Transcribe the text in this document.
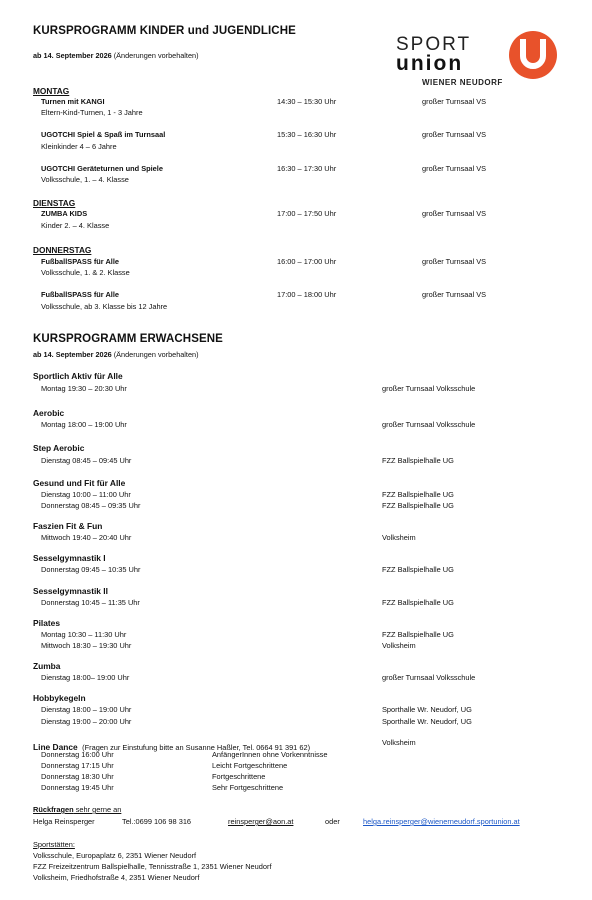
SPORT
union
WIENER NEUDORF
KURSPROGRAMM KINDER und JUGENDLICHE
ab 14. September 2026 (Änderungen vorbehalten)
MONTAG
Turnen mit KANGI
Eltern-Kind-Turnen, 1 - 3 Jahre
14:30 – 15:30 Uhr	großer Turnsaal VS
UGOTCHI Spiel & Spaß im Turnsaal
Kleinkinder 4 – 6 Jahre
15:30 – 16:30 Uhr	großer Turnsaal VS
UGOTCHI Geräteturnen und Spiele
Volksschule, 1. – 4. Klasse
16:30 – 17:30 Uhr	großer Turnsaal VS
DIENSTAG
ZUMBA KIDS
Kinder 2. – 4. Klasse
17:00 – 17:50 Uhr	großer Turnsaal VS
DONNERSTAG
FußballSPASS für Alle
Volksschule, 1. & 2. Klasse
16:00 – 17:00 Uhr	großer Turnsaal VS
FußballSPASS für Alle
Volksschule, ab 3. Klasse bis 12 Jahre
17:00 – 18:00 Uhr	großer Turnsaal VS
KURSPROGRAMM ERWACHSENE
ab 14. September 2026 (Änderungen vorbehalten)
Sportlich Aktiv für Alle
Montag 19:30 – 20:30 Uhr	großer Turnsaal Volksschule
Aerobic
Montag 18:00 – 19:00 Uhr	großer Turnsaal Volksschule
Step Aerobic
Dienstag 08:45 – 09:45 Uhr	FZZ Ballspielhalle UG
Gesund und Fit für Alle
Dienstag 10:00 – 11:00 Uhr	FZZ Ballspielhalle UG
Donnerstag 08:45 – 09:35 Uhr	FZZ Ballspielhalle UG
Faszien Fit & Fun
Mittwoch 19:40 – 20:40 Uhr	Volksheim
Sesselgymnastik I
Donnerstag 09:45 – 10:35 Uhr	FZZ Ballspielhalle UG
Sesselgymnastik II
Donnerstag 10:45 – 11:35 Uhr	FZZ Ballspielhalle UG
Pilates
Montag 10:30 – 11:30 Uhr	FZZ Ballspielhalle UG
Mittwoch 18:30 – 19:30 Uhr	Volksheim
Zumba
Dienstag 18:00– 19:00 Uhr	großer Turnsaal Volksschule
Hobbykegeln
Dienstag 18:00 – 19:00 Uhr	Sporthalle Wr. Neudorf, UG
Dienstag 19:00 – 20:00 Uhr	Sporthalle Wr. Neudorf, UG
Line Dance (Fragen zur Einstufung bitte an Susanne Haßler, Tel. 0664 91 391 62)
Volksheim
Donnerstag 16:00 Uhr	AnfängerInnen ohne Vorkenntnisse
Donnerstag 17:15 Uhr	Leicht Fortgeschrittene
Donnerstag 18:30 Uhr	Fortgeschrittene
Donnerstag 19:45 Uhr	Sehr Fortgeschrittene
Rückfragen sehr gerne an
Helga Reinsperger	Tel.:0699 106 98 316	reinsperger@aon.at	oder	helga.reinsperger@wienerneudorf.sportunion.at
Sportstätten:
Volksschule, Europaplatz 6, 2351 Wiener Neudorf
FZZ Freizeitzentrum Ballspielhalle, Tennisstraße 1, 2351 Wiener Neudorf
Volksheim, Friedhofstraße 4, 2351 Wiener Neudorf
